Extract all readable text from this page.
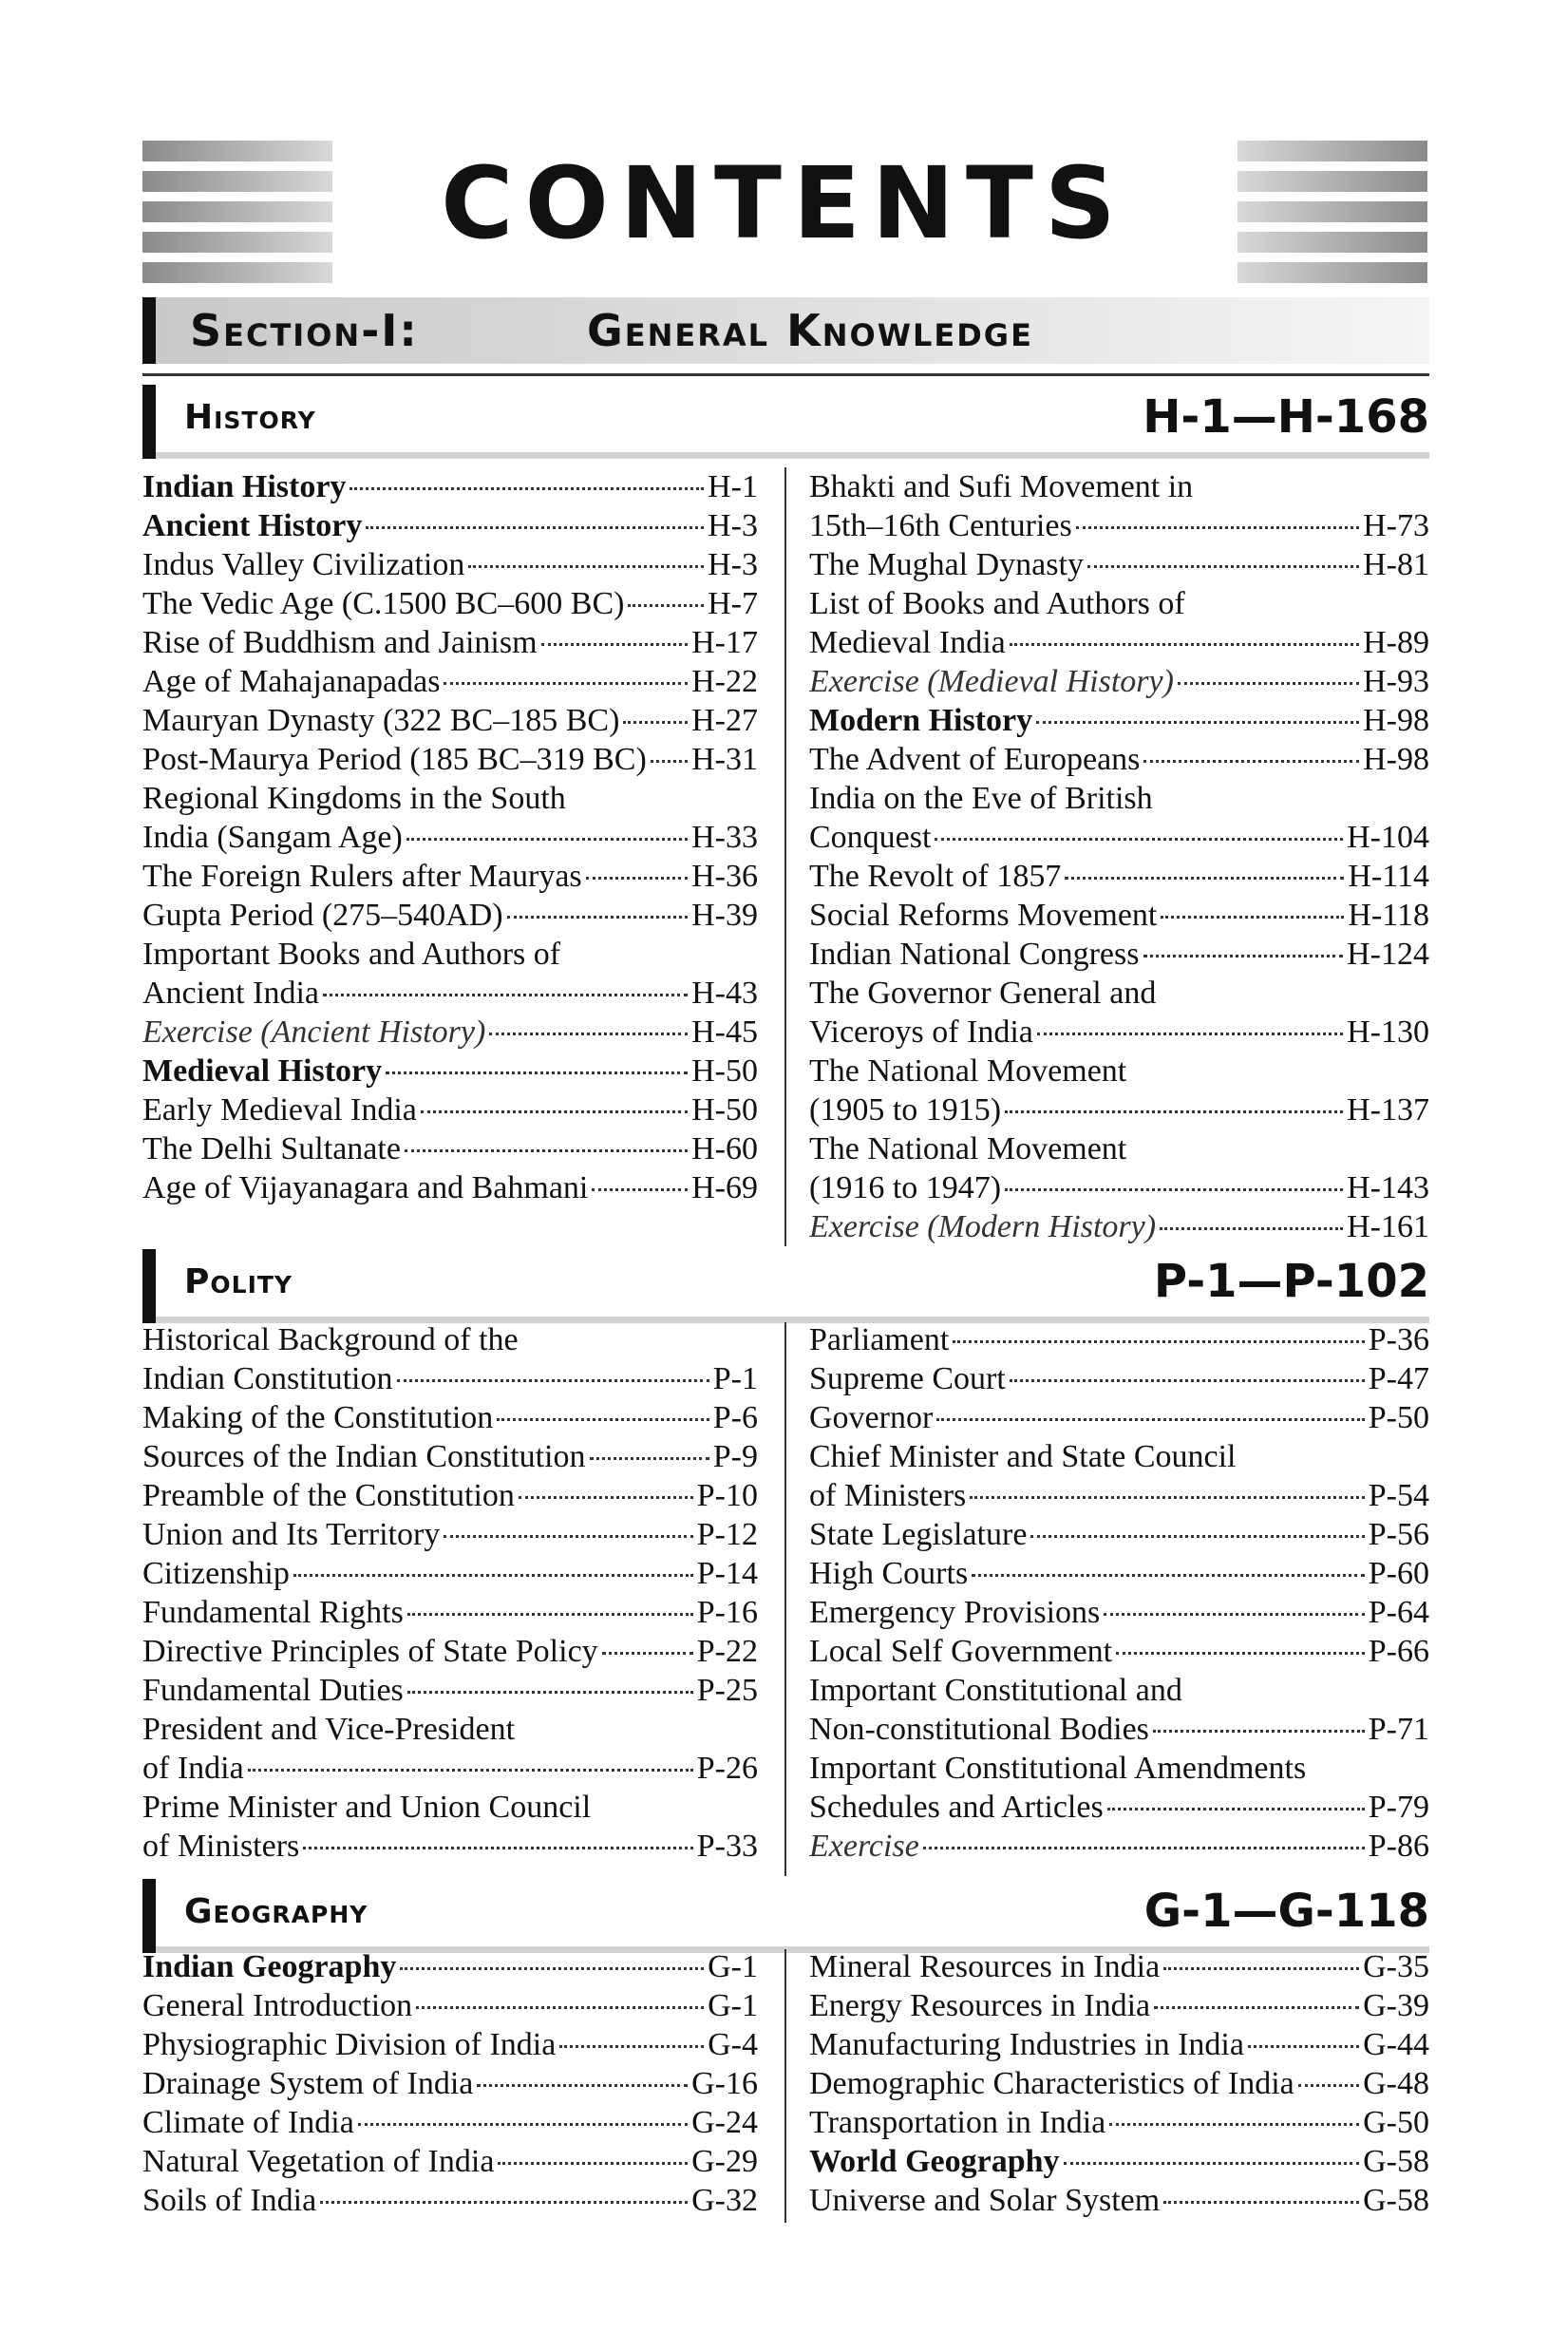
CONTENTS
Section-I:	General Knowledge
History	H-1—H-168
Indian History	H-1
Ancient History	H-3
Indus Valley Civilization	H-3
The Vedic Age (C.1500 BC–600 BC)	H-7
Rise of Buddhism and Jainism	H-17
Age of Mahajanapadas	H-22
Mauryan Dynasty (322 BC–185 BC) H-27
Post-Maurya Period (185 BC–319 BC) H-31
Regional Kingdoms in the South
India (Sangam Age)	H-33
The Foreign Rulers after Mauryas	H-36
Gupta Period (275–540AD)	H-39
Important Books and Authors of
Ancient India	H-43
Exercise (Ancient History)	H-45
Medieval History	H-50
Early Medieval India	H-50
The Delhi Sultanate	H-60
Age of Vijayanagara and Bahmani	H-69
Bhakti and Sufi Movement in
15th–16th Centuries	H-73
The Mughal Dynasty	H-81
List of Books and Authors of
Medieval India	H-89
Exercise (Medieval History)	H-93
Modern History	H-98
The Advent of Europeans	H-98
India on the Eve of British
Conquest	H-104
The Revolt of 1857	H-114
Social Reforms Movement	H-118
Indian National Congress	H-124
The Governor General and
Viceroys of India	H-130
The National Movement
(1905 to 1915)	H-137
The National Movement
(1916 to 1947)	H-143
Exercise (Modern History)	H-161
Polity	P-1—P-102
Historical Background of the
Indian Constitution	P-1
Making of the Constitution	P-6
Sources of the Indian Constitution	P-9
Preamble of the Constitution	P-10
Union and Its Territory	P-12
Citizenship	P-14
Fundamental Rights	P-16
Directive Principles of State Policy	P-22
Fundamental Duties	P-25
President and Vice-President
of India	P-26
Prime Minister and Union Council
of Ministers	P-33
Parliament	P-36
Supreme Court	P-47
Governor	P-50
Chief Minister and State Council
of Ministers	P-54
State Legislature	P-56
High Courts	P-60
Emergency Provisions	P-64
Local Self Government	P-66
Important Constitutional and
Non-constitutional Bodies	P-71
Important Constitutional Amendments
Schedules and Articles	P-79
Exercise	P-86
Geography	G-1—G-118
Indian Geography	G-1
General Introduction	G-1
Physiographic Division of India	G-4
Drainage System of India	G-16
Climate of India	G-24
Natural Vegetation of India	G-29
Soils of India	G-32
Mineral Resources in India	G-35
Energy Resources in India	G-39
Manufacturing Industries in India	G-44
Demographic Characteristics of India G-48
Transportation in India	G-50
World Geography	G-58
Universe and Solar System	G-58
